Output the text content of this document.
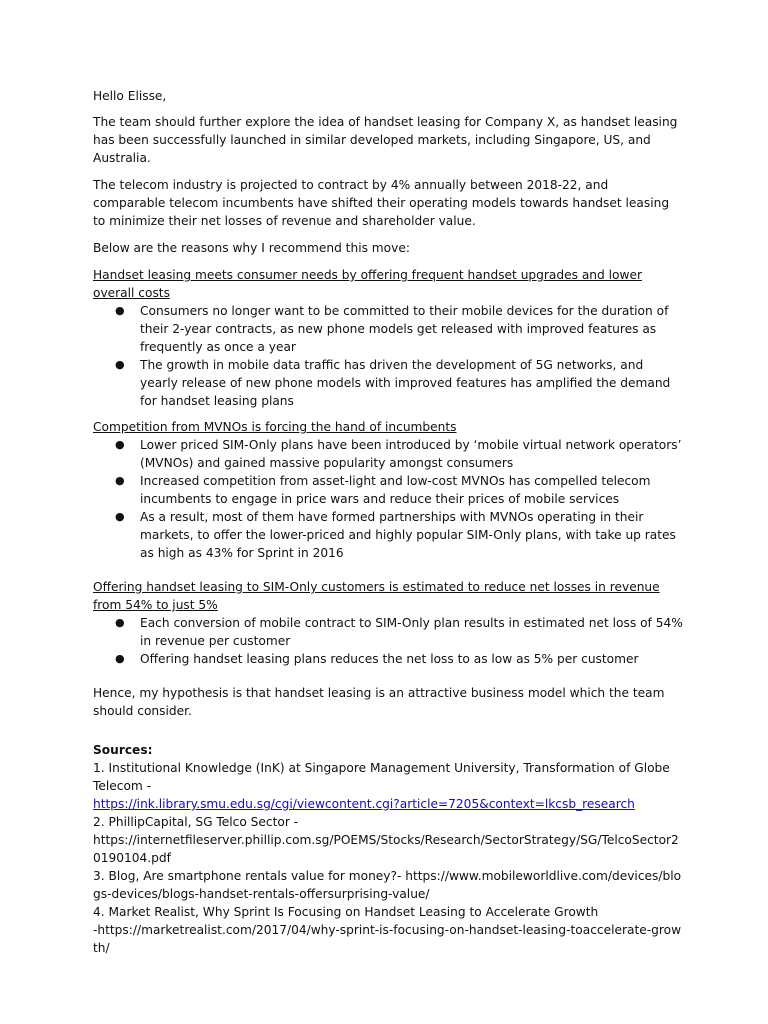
Hello Elisse,

The team should further explore the idea of handset leasing for Company X, as handset leasing has been successfully launched in similar developed markets, including Singapore, US, and Australia.

The telecom industry is projected to contract by 4% annually between 2018-22, and comparable telecom incumbents have shifted their operating models towards handset leasing to minimize their net losses of revenue and shareholder value.

Below are the reasons why I recommend this move:

Handset leasing meets consumer needs by offering frequent handset upgrades and lower overall costs

● Consumers no longer want to be committed to their mobile devices for the duration of their 2-year contracts, as new phone models get released with improved features as frequently as once a year
● The growth in mobile data traffic has driven the development of 5G networks, and yearly release of new phone models with improved features has amplified the demand for handset leasing plans

Competition from MVNOs is forcing the hand of incumbents

● Lower priced SIM-Only plans have been introduced by ‘mobile virtual network operators’ (MVNOs) and gained massive popularity amongst consumers
● Increased competition from asset-light and low-cost MVNOs has compelled telecom incumbents to engage in price wars and reduce their prices of mobile services
● As a result, most of them have formed partnerships with MVNOs operating in their markets, to offer the lower-priced and highly popular SIM-Only plans, with take up rates as high as 43% for Sprint in 2016

Offering handset leasing to SIM-Only customers is estimated to reduce net losses in revenue from 54% to just 5%

● Each conversion of mobile contract to SIM-Only plan results in estimated net loss of 54% in revenue per customer
● Offering handset leasing plans reduces the net loss to as low as 5% per customer

Hence, my hypothesis is that handset leasing is an attractive business model which the team should consider.

Sources:

1. Institutional Knowledge (InK) at Singapore Management University, Transformation of Globe Telecom -

https://ink.library.smu.edu.sg/cgi/viewcontent.cgi?article=7205&context=lkcsb_research

2. PhillipCapital, SG Telco Sector -

https://internetfileserver.phillip.com.sg/POEMS/Stocks/Research/SectorStrategy/SG/TelcoSector20190104.pdf

3. Blog, Are smartphone rentals value for money?- https://www.mobileworldlive.com/devices/blogs-devices/blogs-handset-rentals-offersurprising-value/

4. Market Realist, Why Sprint Is Focusing on Handset Leasing to Accelerate Growth

-https://marketrealist.com/2017/04/why-sprint-is-focusing-on-handset-leasing-toaccelerate-growth/
